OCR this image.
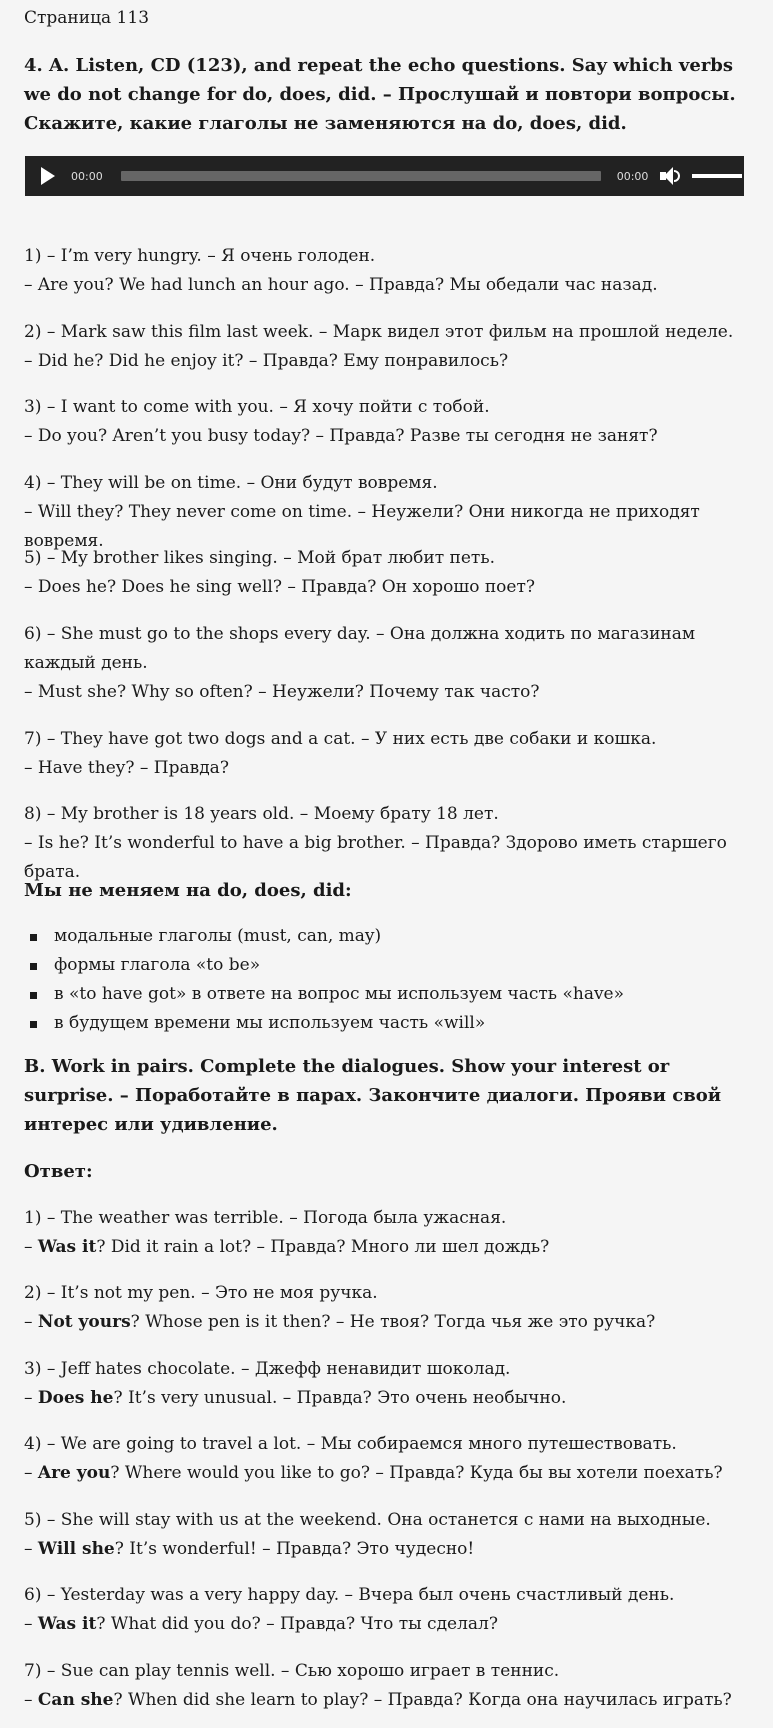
Страница 113
4. A. Listen, CD (123), and repeat the echo questions. Say which verbs we do not change for do, does, did. – Прослушай и повтори вопросы. Скажите, какие глаголы не заменяются на do, does, did.
00:00	00:00

1) – I’m very hungry. – Я очень голоден.

– Are you? We had lunch an hour ago. – Правда? Мы обедали час назад.

2) – Mark saw this film last week. – Марк видел этот фильм на прошлой неделе.

– Did he? Did he enjoy it? – Правда? Ему понравилось?

3) – I want to come with you. – Я хочу пойти с тобой.

– Do you? Aren’t you busy today? – Правда? Разве ты сегодня не занят?

4) – They will be on time. – Они будут вовремя.

– Will they? They never come on time. – Неужели? Они никогда не приходят вовремя.

5) – My brother likes singing. – Мой брат любит петь.

– Does he? Does he sing well? – Правда? Он хорошо поет?

6) – She must go to the shops every day. – Она должна ходить по магазинам каждый день.

– Must she? Why so often? – Неужели? Почему так часто?

7) – They have got two dogs and a cat. – У них есть две собаки и кошка.

– Have they? – Правда?

8) – My brother is 18 years old. – Моему брату 18 лет.

– Is he? It’s wonderful to have a big brother. – Правда? Здорово иметь старшего брата.

Мы не меняем на do, does, did:
модальные глаголы (must, can, may)
формы глагола «to be»
в «to have got» в ответе на вопрос мы используем часть «have»
в будущем времени мы используем часть «will»
B. Work in pairs. Complete the dialogues. Show your interest or surprise. – Поработайте в парах. Закончите диалоги. Прояви свой интерес или удивление.
Ответ:

1) – The weather was terrible. – Погода была ужасная.

– Was it? Did it rain a lot? – Правда? Много ли шел дождь?

2) – It’s not my pen. – Это не моя ручка.

– Not yours? Whose pen is it then? – Не твоя? Тогда чья же это ручка?

3) – Jeff hates chocolate. – Джефф ненавидит шоколад.

– Does he? It’s very unusual. – Правда? Это очень необычно.

4) – We are going to travel a lot. – Мы собираемся много путешествовать.

– Are you? Where would you like to go? – Правда? Куда бы вы хотели поехать?

5) – She will stay with us at the weekend. Она останется с нами на выходные.

– Will she? It’s wonderful! – Правда? Это чудесно!

6) – Yesterday was a very happy day. – Вчера был очень счастливый день.

– Was it? What did you do? – Правда? Что ты сделал?

7) – Sue can play tennis well. – Сью хорошо играет в теннис.

– Can she? When did she learn to play? – Правда? Когда она научилась играть?
